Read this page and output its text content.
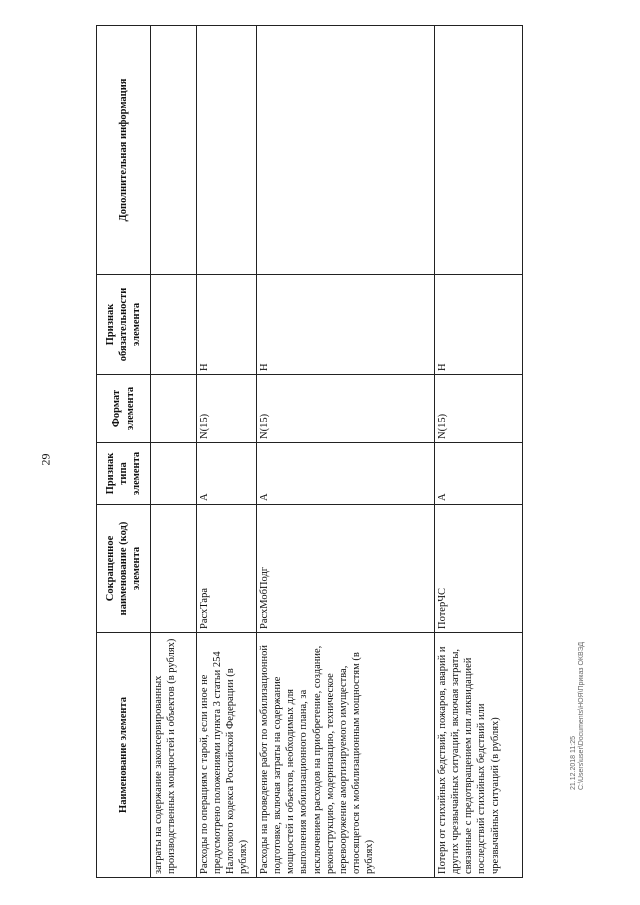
29
Наименование элемента	Сокращенное наименование (код) элемента	Признак типа элемента	Формат элемента	Признак обязательности элемента	Дополнительная информация
затраты на содержание законсервированных производственных мощностей и объектов (в рублях)					
Расходы по операциям с тарой, если иное не предусмотрено положениями пункта 3 статьи 254 Налогового кодекса Российской Федерации (в рублях)	РасхТара	А	N(15)	Н	
Расходы на проведение работ по мобилизационной подготовке, включая затраты на содержание мощностей и объектов, необходимых для выполнения мобилизационного плана, за исключением расходов на приобретение, создание, реконструкцию, модернизацию, техническое перевооружение амортизируемого имущества, относящегося к мобилизационным мощностям (в рублях)	РасхМобПодг	А	N(15)	Н	
Потери от стихийных бедствий, пожаров, аварий и других чрезвычайных ситуаций, включая затраты, связанные с предотвращением или ликвидацией последствий стихийных бедствий или чрезвычайных ситуаций (в рублях)	ПотерЧС	А	N(15)	Н	
21.12.2018 11:25 С:\Users\user\Documents\НОЯ\Приказ ОКВЭД
